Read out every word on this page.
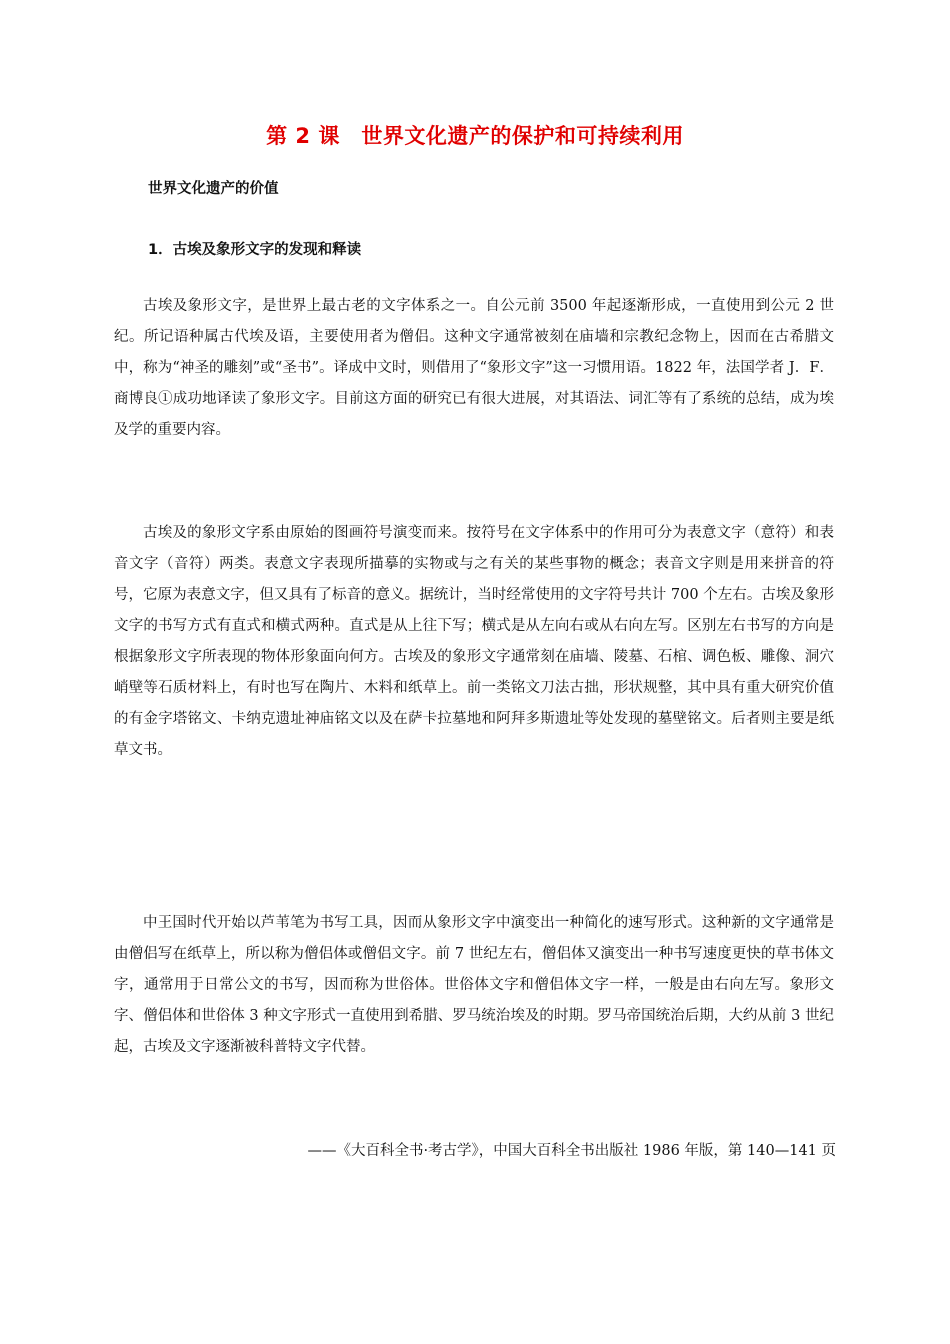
第 2 课　世界文化遗产的保护和可持续利用
世界文化遗产的价值
1．古埃及象形文字的发现和释读

古埃及象形文字，是世界上最古老的文字体系之一。自公元前 3500 年起逐渐形成，一直使用到公元 2 世纪。所记语种属古代埃及语，主要使用者为僧侣。这种文字通常被刻在庙墙和宗教纪念物上，因而在古希腊文中，称为“神圣的雕刻”或“圣书”。译成中文时，则借用了“象形文字”这一习惯用语。1822 年，法国学者 J．F．商博良①成功地译读了象形文字。目前这方面的研究已有很大进展，对其语法、词汇等有了系统的总结，成为埃及学的重要内容。

古埃及的象形文字系由原始的图画符号演变而来。按符号在文字体系中的作用可分为表意文字（意符）和表音文字（音符）两类。表意文字表现所描摹的实物或与之有关的某些事物的概念；表音文字则是用来拼音的符号，它原为表意文字，但又具有了标音的意义。据统计，当时经常使用的文字符号共计 700 个左右。古埃及象形文字的书写方式有直式和横式两种。直式是从上往下写；横式是从左向右或从右向左写。区别左右书写的方向是根据象形文字所表现的物体形象面向何方。古埃及的象形文字通常刻在庙墙、陵墓、石棺、调色板、雕像、洞穴峭壁等石质材料上，有时也写在陶片、木料和纸草上。前一类铭文刀法古拙，形状规整，其中具有重大研究价值的有金字塔铭文、卡纳克遗址神庙铭文以及在萨卡拉墓地和阿拜多斯遗址等处发现的墓壁铭文。后者则主要是纸草文书。

中王国时代开始以芦苇笔为书写工具，因而从象形文字中演变出一种简化的速写形式。这种新的文字通常是由僧侣写在纸草上，所以称为僧侣体或僧侣文字。前 7 世纪左右，僧侣体又演变出一种书写速度更快的草书体文字，通常用于日常公文的书写，因而称为世俗体。世俗体文字和僧侣体文字一样，一般是由右向左写。象形文字、僧侣体和世俗体 3 种文字形式一直使用到希腊、罗马统治埃及的时期。罗马帝国统治后期，大约从前 3 世纪起，古埃及文字逐渐被科普特文字代替。

——《大百科全书·考古学》，中国大百科全书出版社 1986 年版，第 140—141 页
